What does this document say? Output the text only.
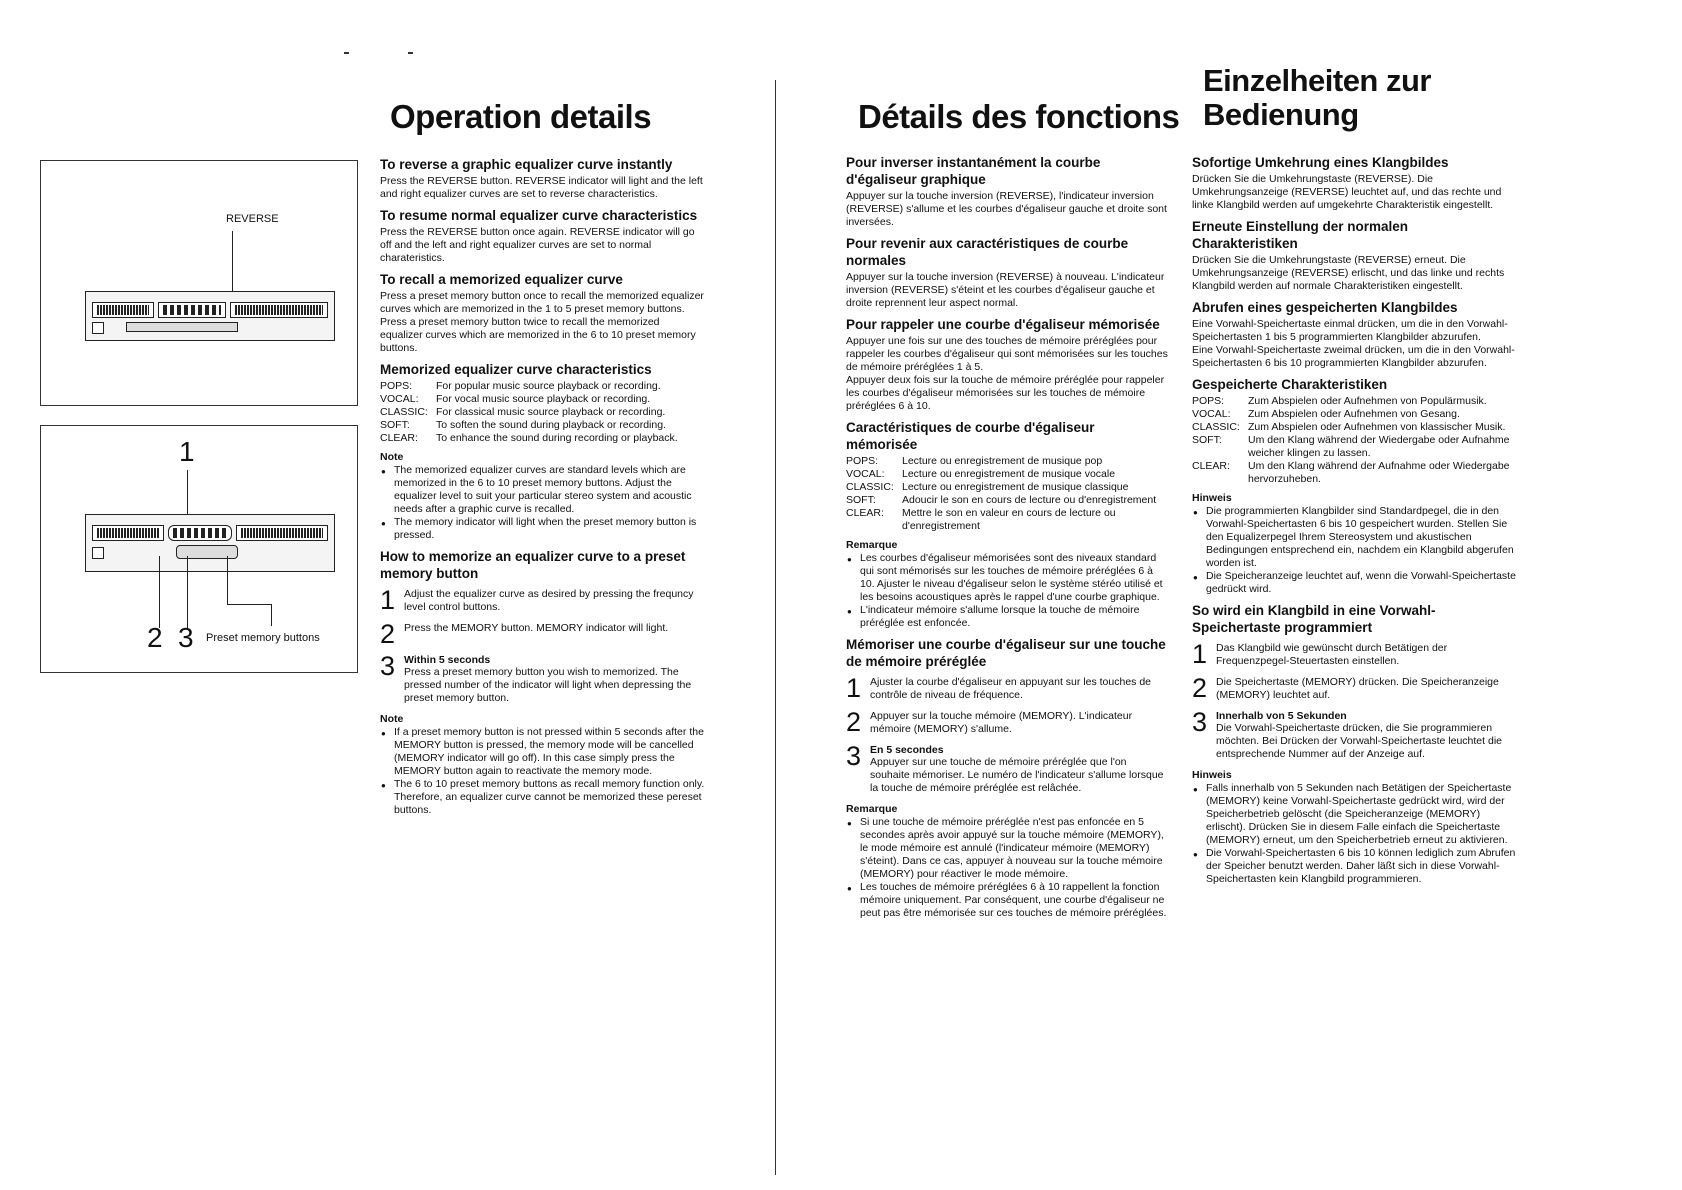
REVERSE
1
2 3 Preset memory buttons
Operation details
To reverse a graphic equalizer curve instantly

Press the REVERSE button. REVERSE indicator will light and the left and right equalizer curves are set to reverse characteristics.

To resume normal equalizer curve characteristics

Press the REVERSE button once again. REVERSE indicator will go off and the left and right equalizer curves are set to normal charateristics.

To recall a memorized equalizer curve

Press a preset memory button once to recall the memorized equalizer curves which are memorized in the 1 to 5 preset memory buttons.

Press a preset memory button twice to recall the memorized equalizer curves which are memorized in the 6 to 10 preset memory buttons.

Memorized equalizer curve characteristics
POPS:	For popular music source playback or recording.
VOCAL:	For vocal music source playback or recording.
CLASSIC: For classical music source playback or recording.
SOFT:	To soften the sound during playback or recording.
CLEAR:	To enhance the sound during recording or playback.
Note
● The memorized equalizer curves are standard levels which are memorized in the 6 to 10 preset memory buttons. Adjust the equalizer level to suit your particular stereo system and acoustic needs after a graphic curve is recalled.
● The memory indicator will light when the preset memory button is pressed.
How to memorize an equalizer curve to a preset memory button
1 Adjust the equalizer curve as desired by pressing the frequncy level control buttons.

2 Press the MEMORY button. MEMORY indicator will light.

3 Within 5 seconds

Press a preset memory button you wish to memorized. The pressed number of the indicator will light when depressing the preset memory button.

Note
● If a preset memory button is not pressed within 5 seconds after the MEMORY button is pressed, the memory mode will be cancelled (MEMORY indicator will go off). In this case simply press the MEMORY button again to reactivate the memory mode.
● The 6 to 10 preset memory buttons as recall memory function only. Therefore, an equalizer curve cannot be memorized these pereset buttons.
Détails des fonctions
Pour inverser instantanément la courbe d'égaliseur graphique

Appuyer sur la touche inversion (REVERSE), l'indicateur inversion (REVERSE) s'allume et les courbes d'égaliseur gauche et droite sont inversées.

Pour revenir aux caractéristiques de courbe normales

Appuyer sur la touche inversion (REVERSE) à nouveau. L'indicateur inversion (REVERSE) s'éteint et les courbes d'égaliseur gauche et droite reprennent leur aspect normal.

Pour rappeler une courbe d'égaliseur mémorisée

Appuyer une fois sur une des touches de mémoire préréglées pour rappeler les courbes d'égaliseur qui sont mémorisées sur les touches de mémoire préréglées 1 à 5.

Appuyer deux fois sur la touche de mémoire préréglée pour rappeler les courbes d'égaliseur mémorisées sur les touches de mémoire préréglées 6 à 10.

Caractéristiques de courbe d'égaliseur mémorisée
POPS:	Lecture ou enregistrement de musique pop
VOCAL:	Lecture ou enregistrement de musique vocale
CLASSIC: Lecture ou enregistrement de musique classique
SOFT:	Adoucir le son en cours de lecture ou d'enregistrement
CLEAR:	Mettre le son en valeur en cours de lecture ou d'enregistrement
Remarque
● Les courbes d'égaliseur mémorisées sont des niveaux standard qui sont mémorisés sur les touches de mémoire préréglées 6 à 10. Ajuster le niveau d'égaliseur selon le système stéréo utilisé et les besoins acoustiques après le rappel d'une courbe graphique.
● L'indicateur mémoire s'allume lorsque la touche de mémoire préréglée est enfoncée.
Mémoriser une courbe d'égaliseur sur une touche de mémoire préréglée
1 Ajuster la courbe d'égaliseur en appuyant sur les touches de contrôle de niveau de fréquence.

2 Appuyer sur la touche mémoire (MEMORY). L'indicateur mémoire (MEMORY) s'allume.

3 En 5 secondes

Appuyer sur une touche de mémoire préréglée que l'on souhaite mémoriser. Le numéro de l'indicateur s'allume lorsque la touche de mémoire préréglée est relâchée.

Remarque
● Si une touche de mémoire préréglée n'est pas enfoncée en 5 secondes après avoir appuyé sur la touche mémoire (MEMORY), le mode mémoire est annulé (l'indicateur mémoire (MEMORY) s'éteint). Dans ce cas, appuyer à nouveau sur la touche mémoire (MEMORY) pour réactiver le mode mémoire.
● Les touches de mémoire préréglées 6 à 10 rappellent la fonction mémoire uniquement. Par conséquent, une courbe d'égaliseur ne peut pas être mémorisée sur ces touches de mémoire préréglées.
Einzelheiten zur Bedienung
Sofortige Umkehrung eines Klangbildes

Drücken Sie die Umkehrungstaste (REVERSE). Die Umkehrungsanzeige (REVERSE) leuchtet auf, und das rechte und linke Klangbild werden auf umgekehrte Charakteristik eingestellt.

Erneute Einstellung der normalen Charakteristiken

Drücken Sie die Umkehrungstaste (REVERSE) erneut. Die Umkehrungsanzeige (REVERSE) erlischt, und das linke und rechts Klangbild werden auf normale Charakteristiken eingestellt.

Abrufen eines gespeicherten Klangbildes

Eine Vorwahl-Speichertaste einmal drücken, um die in den Vorwahl-Speichertasten 1 bis 5 programmierten Klangbilder abzurufen.

Eine Vorwahl-Speichertaste zweimal drücken, um die in den Vorwahl-Speichertasten 6 bis 10 programmierten Klangbilder abzurufen.

Gespeicherte Charakteristiken
POPS:	Zum Abspielen oder Aufnehmen von Populärmusik.
VOCAL:	Zum Abspielen oder Aufnehmen von Gesang.
CLASSIC: Zum Abspielen oder Aufnehmen von klassischer Musik.
SOFT:	Um den Klang während der Wiedergabe oder Aufnahme weicher klingen zu lassen.
CLEAR:	Um den Klang während der Aufnahme oder Wiedergabe hervorzuheben.
Hinweis
● Die programmierten Klangbilder sind Standardpegel, die in den Vorwahl-Speichertasten 6 bis 10 gespeichert wurden. Stellen Sie den Equalizerpegel Ihrem Stereosystem und akustischen Bedingungen entsprechend ein, nachdem ein Klangbild abgerufen worden ist.
● Die Speicheranzeige leuchtet auf, wenn die Vorwahl-Speichertaste gedrückt wird.
So wird ein Klangbild in eine Vorwahl-Speichertaste programmiert
1 Das Klangbild wie gewünscht durch Betätigen der Frequenzpegel-Steuertasten einstellen.

2 Die Speichertaste (MEMORY) drücken. Die Speicheranzeige (MEMORY) leuchtet auf.

3 Innerhalb von 5 Sekunden

Die Vorwahl-Speichertaste drücken, die Sie programmieren möchten. Bei Drücken der Vorwahl-Speichertaste leuchtet die entsprechende Nummer auf der Anzeige auf.

Hinweis
● Falls innerhalb von 5 Sekunden nach Betätigen der Speichertaste (MEMORY) keine Vorwahl-Speichertaste gedrückt wird, wird der Speicherbetrieb gelöscht (die Speicheranzeige (MEMORY) erlischt). Drücken Sie in diesem Falle einfach die Speichertaste (MEMORY) erneut, um den Speicherbetrieb erneut zu aktivieren.
● Die Vorwahl-Speichertasten 6 bis 10 können lediglich zum Abrufen der Speicher benutzt werden. Daher läßt sich in diese Vorwahl-Speichertasten kein Klangbild programmieren.
